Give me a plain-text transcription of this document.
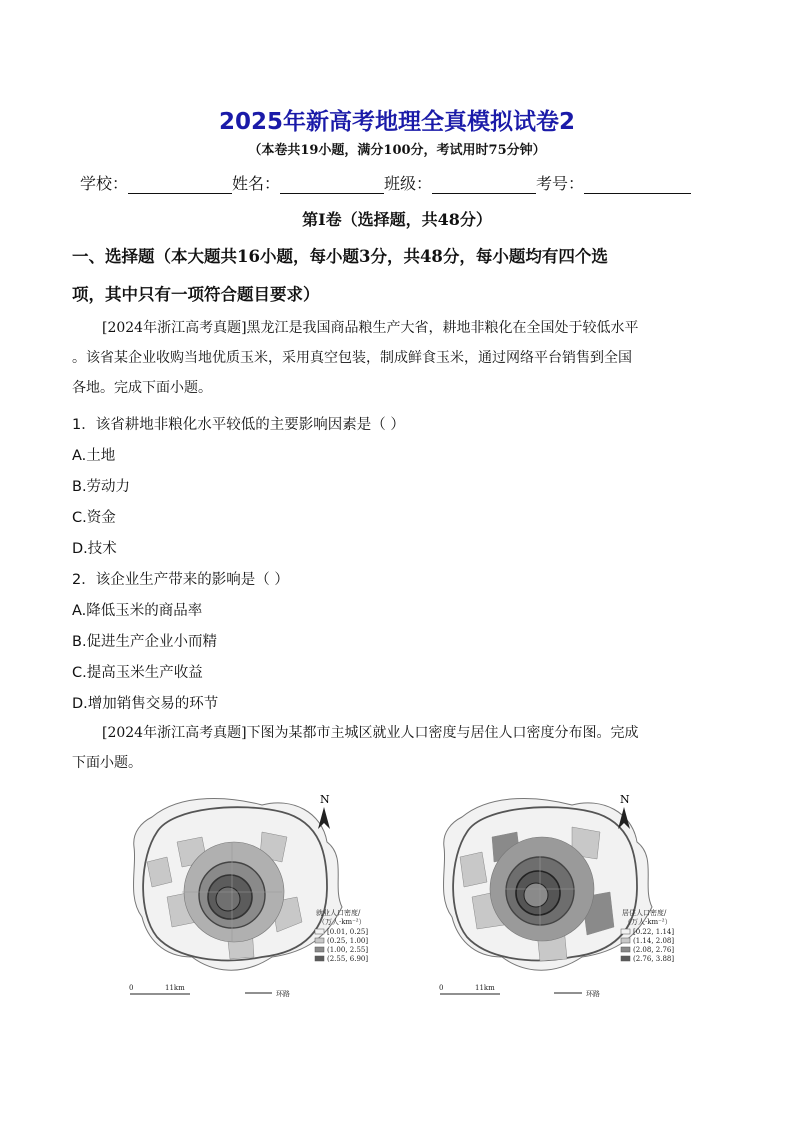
2025年新高考地理全真模拟试卷2
（本卷共19小题，满分100分，考试用时75分钟）
学校：	姓名：	班级：	考号：
第I卷（选择题，共48分）
一、选择题（本大题共16小题，每小题3分，共48分，每小题均有四个选
项，其中只有一项符合题目要求）
[2024年浙江高考真题]黑龙江是我国商品粮生产大省，耕地非粮化在全国处于较低水平
。该省某企业收购当地优质玉米，采用真空包装，制成鲜食玉米，通过网络平台销售到全国
各地。完成下面小题。
1．该省耕地非粮化水平较低的主要影响因素是（ ）
A.土地
B.劳动力
C.资金
D.技术
2．该企业生产带来的影响是（ ）
A.降低玉米的商品率
B.促进生产企业小而精
C.提高玉米生产收益
D.增加销售交易的环节
[2024年浙江高考真题]下图为某都市主城区就业人口密度与居住人口密度分布图。完成
下面小题。
N
就业人口密度/
（万人·km⁻²）
[0.01, 0.25]
(0.25, 1.00]
(1.00, 2.55]
(2.55, 6.90]
0	11km
环路
N
居住人口密度/
（万人·km⁻²）
[0.22, 1.14]
(1.14, 2.08]
(2.08, 2.76]
(2.76, 3.88]
0	11km
环路
